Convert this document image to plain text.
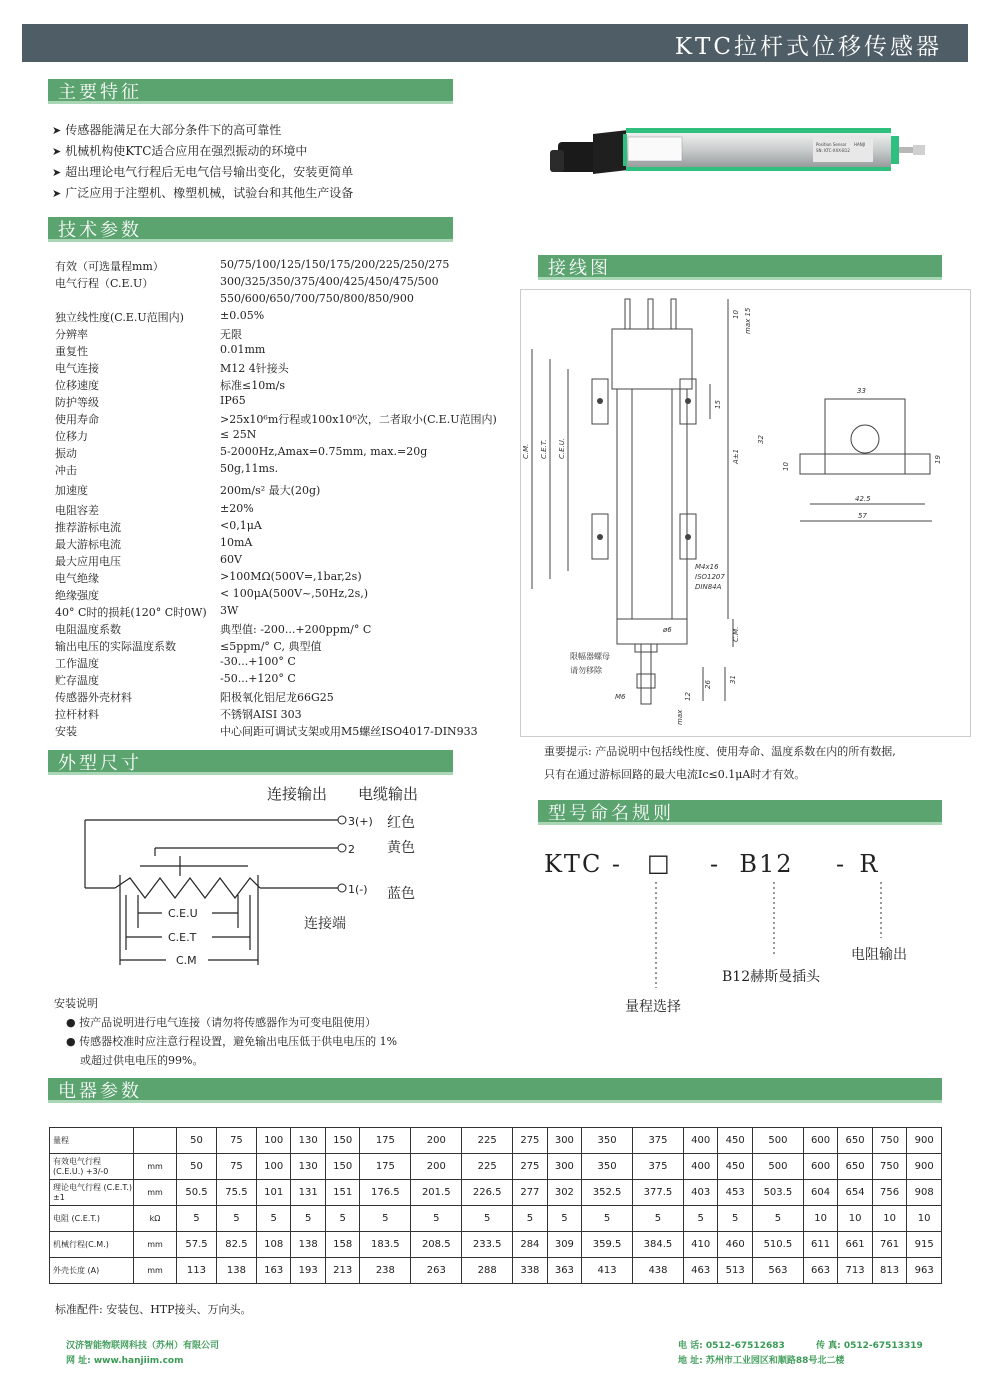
KTC拉杆式位移传感器
主要特征
技术参数
外型尺寸
接线图
型号命名规则
电器参数
➤ 传感器能满足在大部分条件下的高可靠性
➤ 机械机构使KTC适合应用在强烈振动的环境中
➤ 超出理论电气行程后无电气信号输出变化，安装更简单
➤ 广泛应用于注塑机、橡塑机械，试验台和其他生产设备
Position Sensor
SN: KTC-XXX-B12
HANJI
有效（可选量程mm）	50/75/100/125/150/175/200/225/250/275
电气行程（C.E.U）	300/325/350/375/400/425/450/475/500
550/600/650/700/750/800/850/900
独立线性度(C.E.U范围内)	±0.05%
分辨率	无限
重复性	0.01mm
电气连接	M12 4针接头
位移速度	标准≤10m/s
防护等级	IP65
使用寿命	>25x10⁶m行程或100x10⁶次，二者取小(C.E.U范围内)
位移力	≤ 25N
振动	5-2000Hz,Amax=0.75mm, max.=20g
冲击	50g,11ms.
加速度	200m/s² 最大(20g)
电阻容差	±20%
推荐游标电流	<0,1μA
最大游标电流	10mA
最大应用电压	60V
电气绝缘	>100MΩ(500V=,1bar,2s)
绝缘强度	< 100μA(500V~,50Hz,2s,)
40° C时的损耗(120° C时0W) 3W
电阻温度系数	典型值: -200...+200ppm/° C
输出电压的实际温度系数	≤5ppm/° C, 典型值
工作温度	-30...+100° C
贮存温度	-50...+120° C
传感器外壳材料	阳极氧化铝尼龙66G25
拉杆材料	不锈钢AISI 303
安装	中心间距可调试支架或用M5螺丝ISO4017-DIN933
C.M. C.E.T. C.E.U.	A±1
10 max 15
15
M4x16
ISO1207
DIN84A
ø6	C.M.
M6
26
31
12
max
33
32
19
10
42.5
57
限幅器螺母
请勿移除
重要提示: 产品说明中包括线性度、使用寿命、温度系数在内的所有数据,
只有在通过游标回路的最大电流Ic≤0.1μA时才有效。
连接输出 电缆输出
3(+)
2
1(-)
C.E.U
C.E.T
C.M
红色
黄色
蓝色
连接端
安装说明
● 按产品说明进行电气连接（请勿将传感器作为可变电阻使用）
● 传感器校准时应注意行程设置，避免输出电压低于供电电压的 1%
或超过供电电压的99%。
KTC - □ -  B12 -  R
量程选择
B12赫斯曼插头
电阻输出
量程		50	75	100	130	150	175	200	225	275	300	350	375	400	450	500	600	650	750	900
有效电气行程 (C.E.U.) +3/-0	mm	50	75	100	130	150	175	200	225	275	300	350	375	400	450	500	600	650	750	900
理论电气行程 (C.E.T.) ±1	mm	50.5	75.5	101	131	151	176.5	201.5	226.5	277	302	352.5	377.5	403	453	503.5	604	654	756	908
电阻 (C.E.T.)	kΩ	5	5	5	5	5	5	5	5	5	5	5	5	5	5	5	10	10	10	10
机械行程(C.M.)	mm	57.5	82.5	108	138	158	183.5	208.5	233.5	284	309	359.5	384.5	410	460	510.5	611	661	761	915
外壳长度 (A)	mm	113	138	163	193	213	238	263	288	338	363	413	438	463	513	563	663	713	813	963
标准配件: 安装包、HTP接头、万向头。
汉济智能物联网科技（苏州）有限公司
网 址: www.hanjiim.com
电 话: 0512-67512683	传 真: 0512-67513319
地 址: 苏州市工业园区和顺路88号北二楼
